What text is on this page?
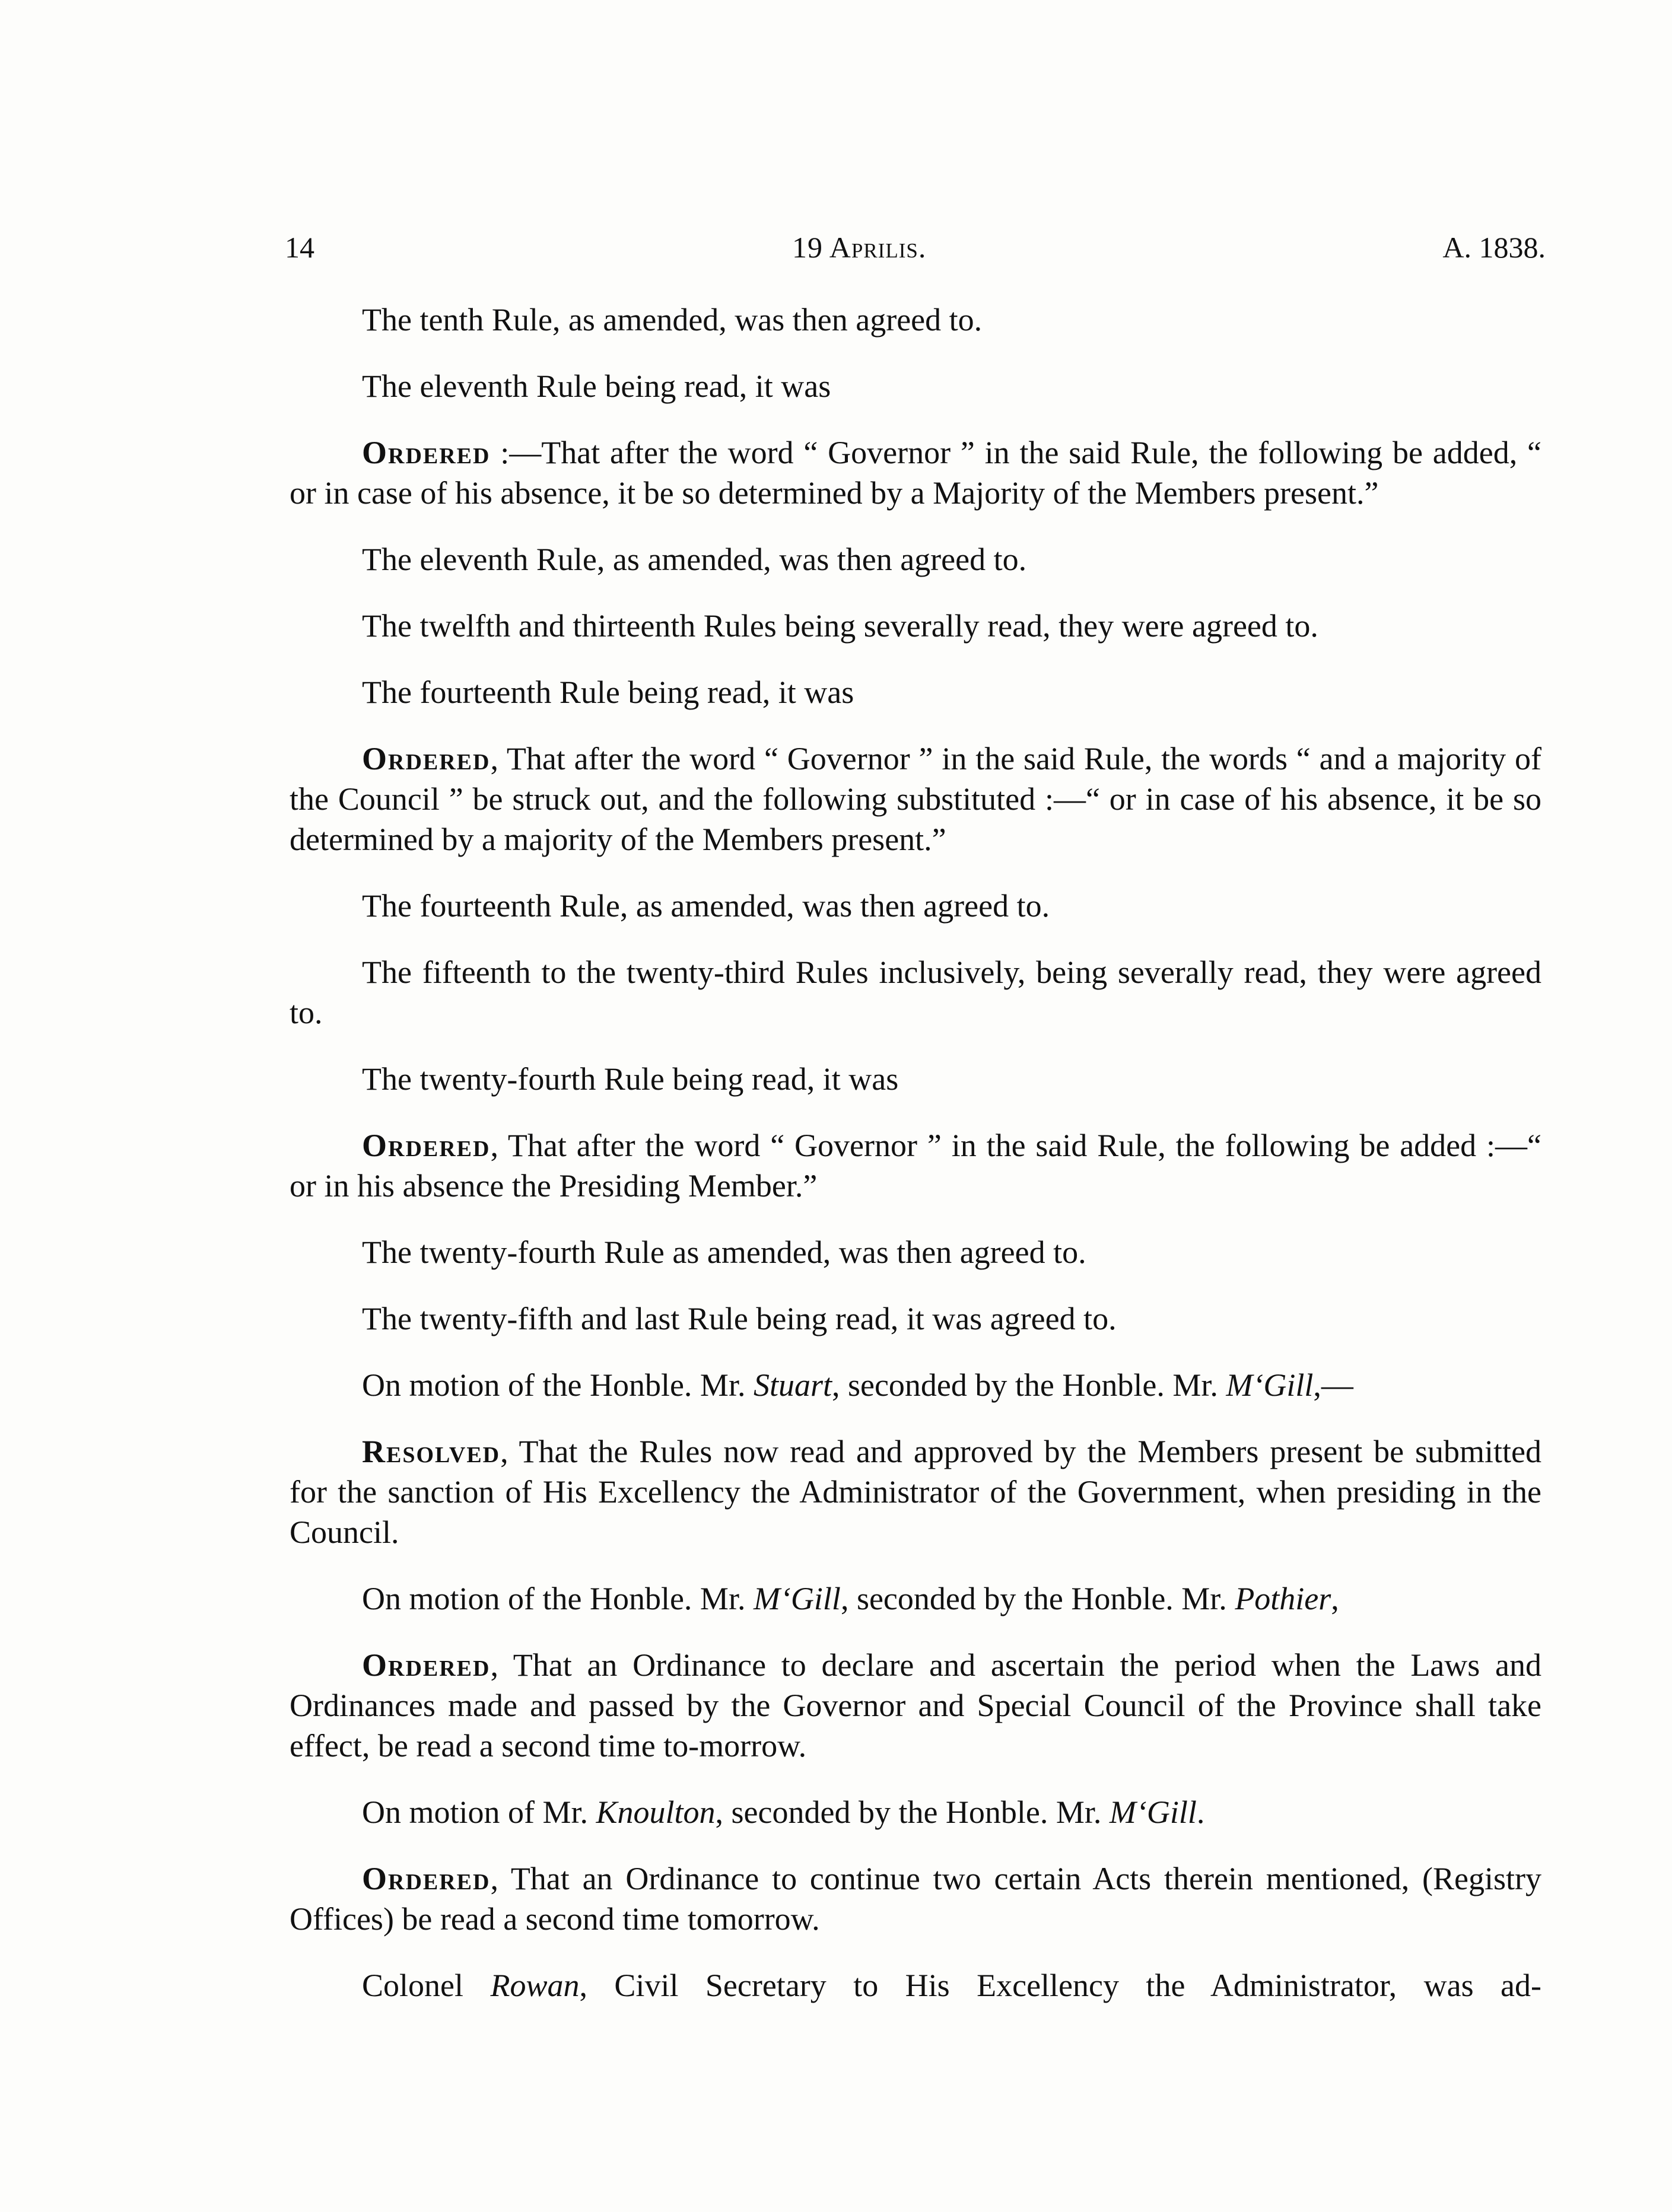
14	19 Aprilis.	A. 1838.

The tenth Rule, as amended, was then agreed to.

The eleventh Rule being read, it was

Ordered :—That after the word “ Governor ” in the said Rule, the following be added, “ or in case of his absence, it be so determined by a Majority of the Members present.”

The eleventh Rule, as amended, was then agreed to.

The twelfth and thirteenth Rules being severally read, they were agreed to.

The fourteenth Rule being read, it was

Ordered, That after the word “ Governor ” in the said Rule, the words “ and a majority of the Council ” be struck out, and the following substituted :—“ or in case of his absence, it be so determined by a majority of the Members present.”

The fourteenth Rule, as amended, was then agreed to.

The fifteenth to the twenty-third Rules inclusively, being severally read, they were agreed to.

The twenty-fourth Rule being read, it was

Ordered, That after the word “ Governor ” in the said Rule, the following be added :—“ or in his absence the Presiding Member.”

The twenty-fourth Rule as amended, was then agreed to.

The twenty-fifth and last Rule being read, it was agreed to.

On motion of the Honble. Mr. Stuart, seconded by the Honble. Mr. M‘Gill,—

Resolved, That the Rules now read and approved by the Members present be submitted for the sanction of His Excellency the Administrator of the Government, when presiding in the Council.

On motion of the Honble. Mr. M‘Gill, seconded by the Honble. Mr. Pothier,

Ordered, That an Ordinance to declare and ascertain the period when the Laws and Ordinances made and passed by the Governor and Special Council of the Province shall take effect, be read a second time to-morrow.

On motion of Mr. Knoulton, seconded by the Honble. Mr. M‘Gill.

Ordered, That an Ordinance to continue two certain Acts therein mentioned, (Registry Offices) be read a second time tomorrow.

Colonel Rowan, Civil Secretary to His Excellency the Administrator, was ad-
